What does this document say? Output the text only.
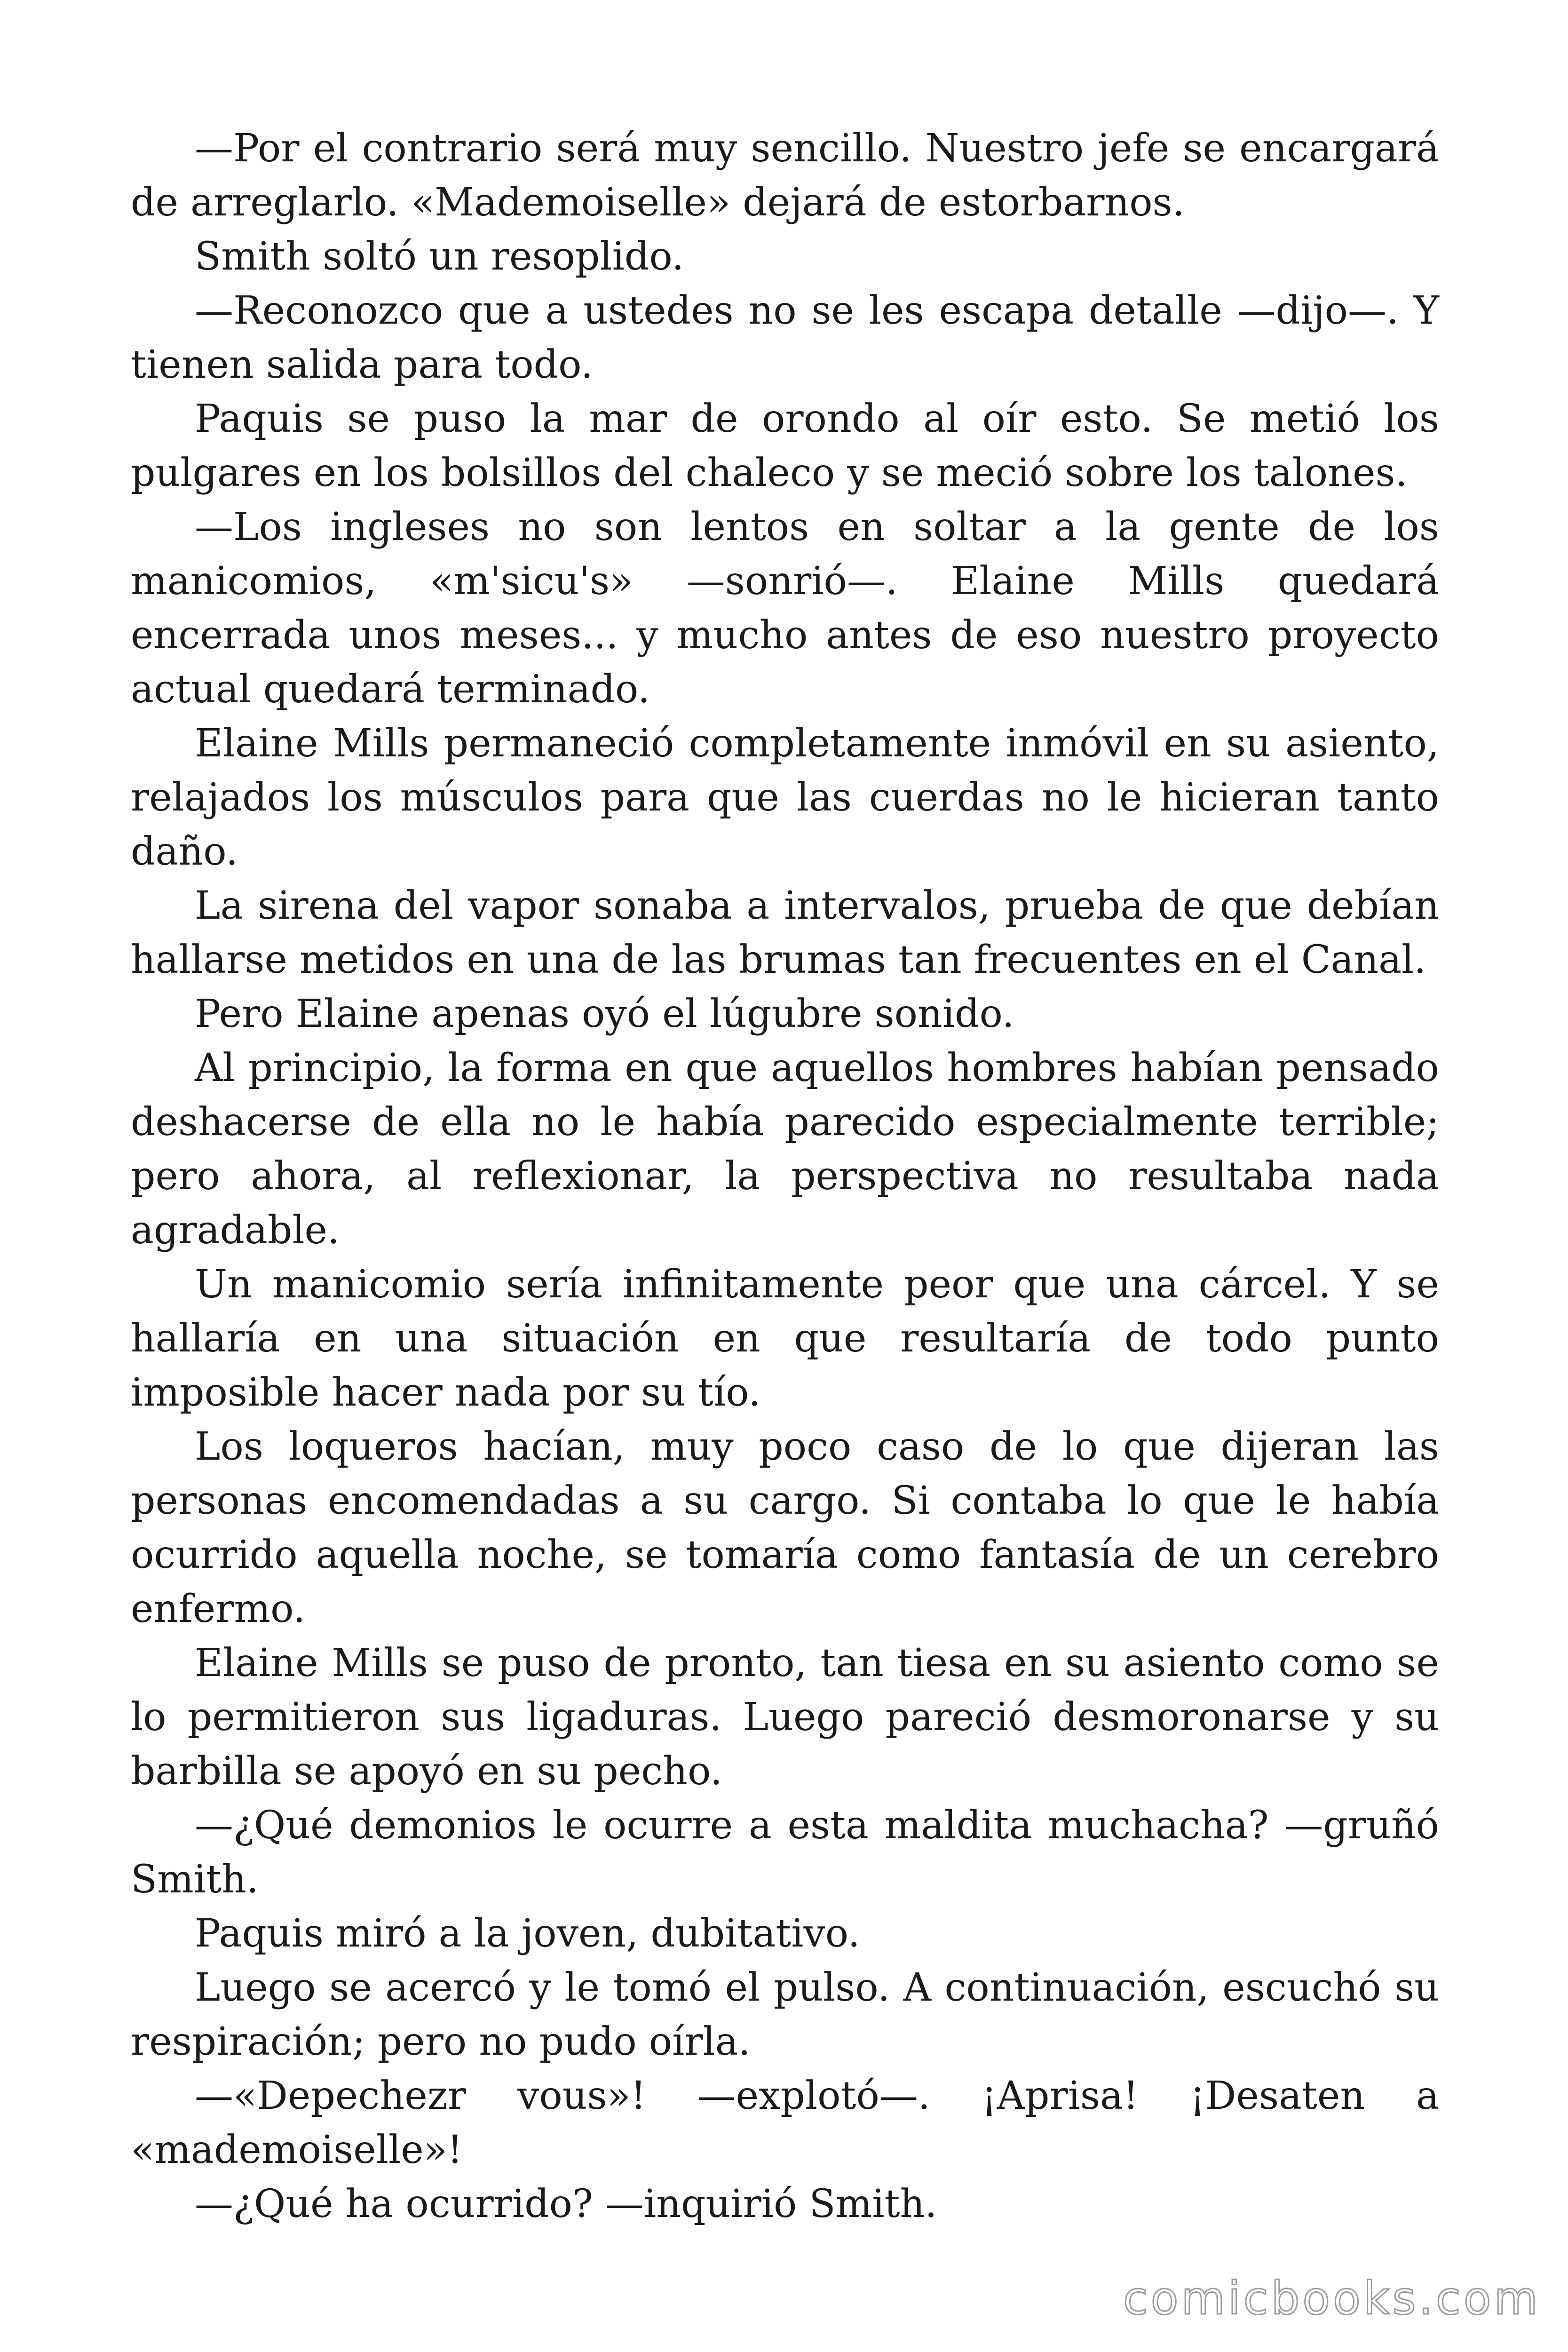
—Por el contrario será muy sencillo. Nuestro jefe se encargará de arreglarlo. «Mademoiselle» dejará de estorbarnos.

Smith soltó un resoplido.

—Reconozco que a ustedes no se les escapa detalle —dijo—. Y tienen salida para todo.

Paquis se puso la mar de orondo al oír esto. Se metió los pulgares en los bolsillos del chaleco y se meció sobre los talones.

—Los ingleses no son lentos en soltar a la gente de los manicomios, «m'sicu's» —sonrió—. Elaine Mills quedará encerrada unos meses... y mucho antes de eso nuestro proyecto actual quedará terminado.

Elaine Mills permaneció completamente inmóvil en su asiento, relajados los músculos para que las cuerdas no le hicieran tanto daño.

La sirena del vapor sonaba a intervalos, prueba de que debían hallarse metidos en una de las brumas tan frecuentes en el Canal.

Pero Elaine apenas oyó el lúgubre sonido.

Al principio, la forma en que aquellos hombres habían pensado deshacerse de ella no le había parecido especialmente terrible; pero ahora, al reflexionar, la perspectiva no resultaba nada agradable.

Un manicomio sería infinitamente peor que una cárcel. Y se hallaría en una situación en que resultaría de todo punto imposible hacer nada por su tío.

Los loqueros hacían, muy poco caso de lo que dijeran las personas encomendadas a su cargo. Si contaba lo que le había ocurrido aquella noche, se tomaría como fantasía de un cerebro enfermo.

Elaine Mills se puso de pronto, tan tiesa en su asiento como se lo permitieron sus ligaduras. Luego pareció desmoronarse y su barbilla se apoyó en su pecho.

—¿Qué demonios le ocurre a esta maldita muchacha? —gruñó Smith.

Paquis miró a la joven, dubitativo.

Luego se acercó y le tomó el pulso. A continuación, escuchó su respiración; pero no pudo oírla.

—«Depechezr vous»! —explotó—. ¡Aprisa! ¡Desaten a «mademoiselle»!

—¿Qué ha ocurrido? —inquirió Smith.

comicbooks.com
